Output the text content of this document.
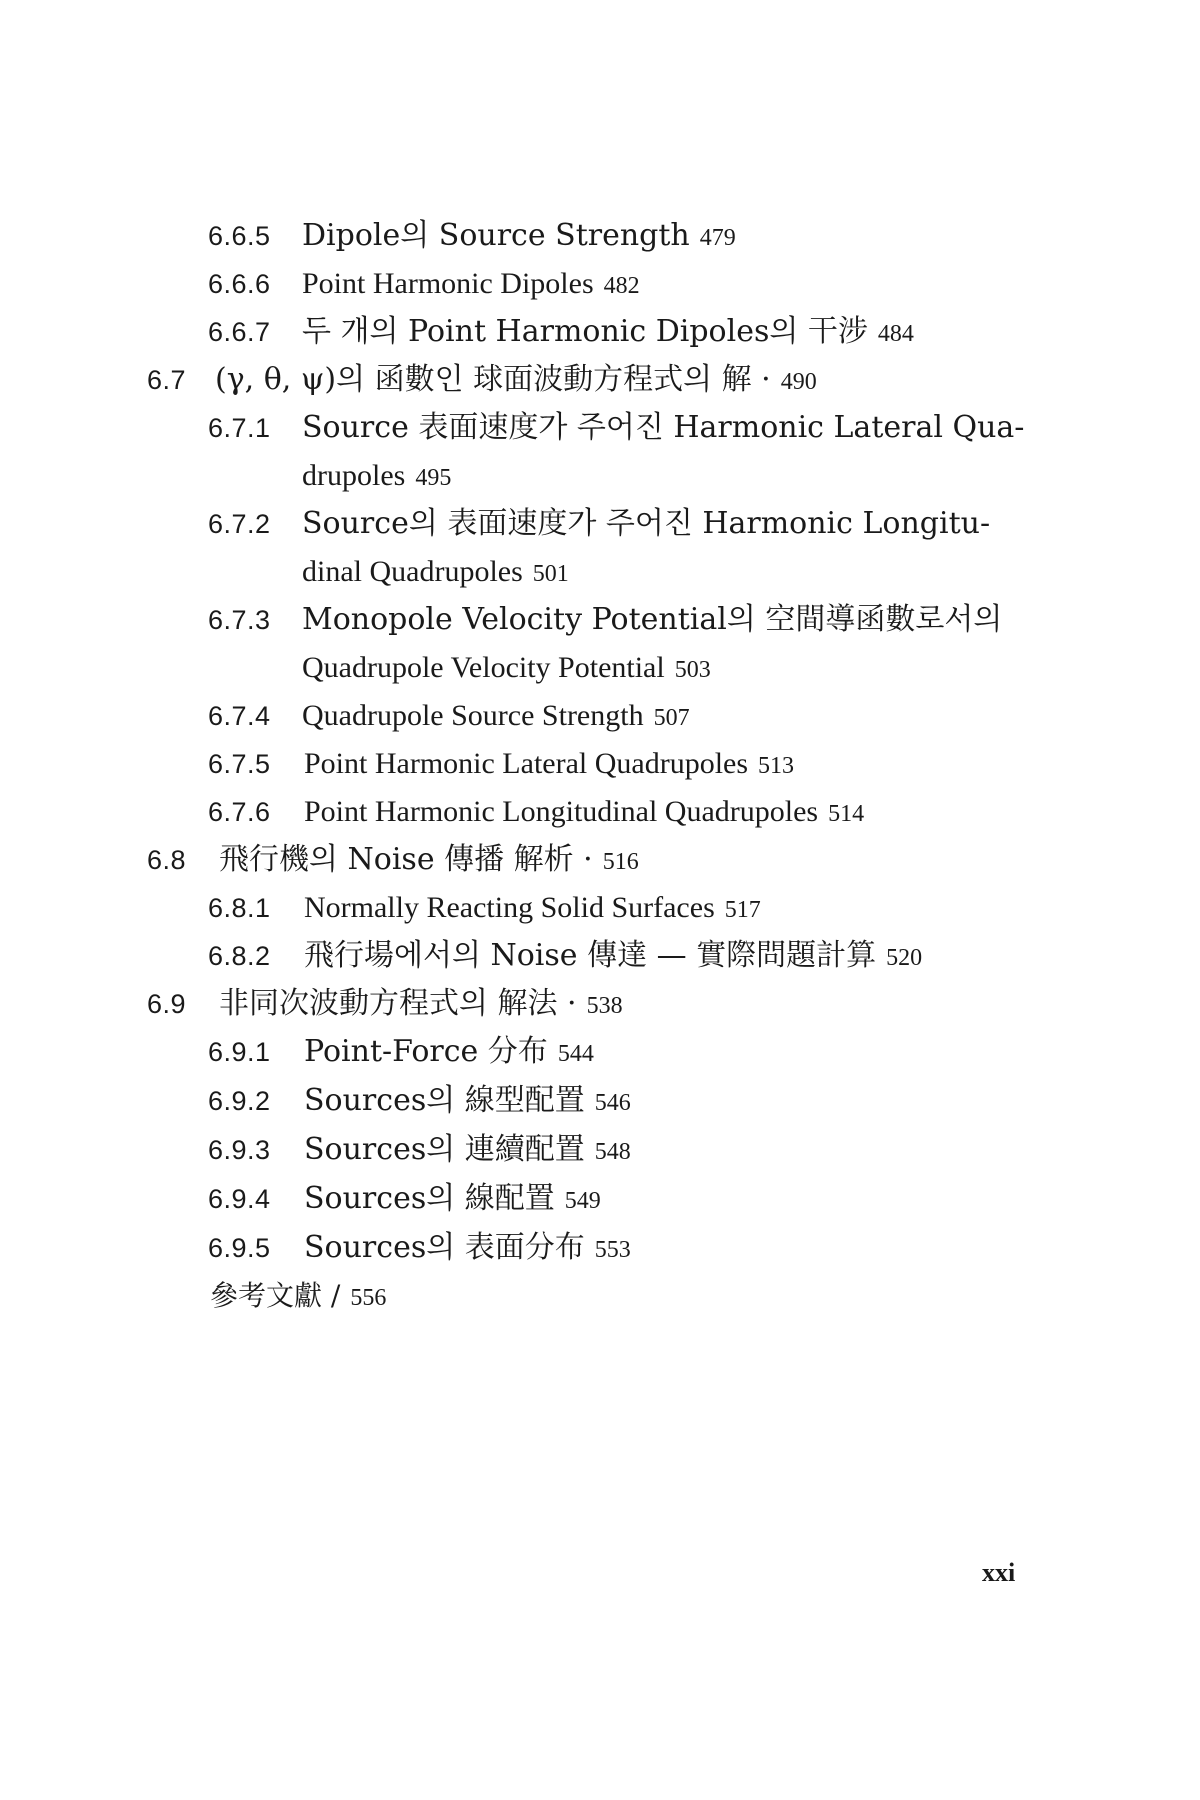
6.6.5 Dipole의 Source Strength 479
6.6.6 Point Harmonic Dipoles 482
6.6.7 두 개의 Point Harmonic Dipoles의 干涉 484
6.7 (γ, θ, ψ)의 函數인 球面波動方程式의 解 · 490
6.7.1 Source 表面速度가 주어진 Harmonic Lateral Qua-
drupoles 495
6.7.2 Source의 表面速度가 주어진 Harmonic Longitu-
dinal Quadrupoles 501
6.7.3 Monopole Velocity Potential의 空間導函數로서의
Quadrupole Velocity Potential 503
6.7.4 Quadrupole Source Strength 507
6.7.5 Point Harmonic Lateral Quadrupoles 513
6.7.6 Point Harmonic Longitudinal Quadrupoles 514
6.8 飛行機의 Noise 傳播 解析 · 516
6.8.1 Normally Reacting Solid Surfaces 517
6.8.2 飛行場에서의 Noise 傳達 — 實際問題計算 520
6.9 非同次波動方程式의 解法 · 538
6.9.1 Point-Force 分布 544
6.9.2 Sources의 線型配置 546
6.9.3 Sources의 連續配置 548
6.9.4 Sources의 線配置 549
6.9.5 Sources의 表面分布 553
參考文獻 / 556
xxi
